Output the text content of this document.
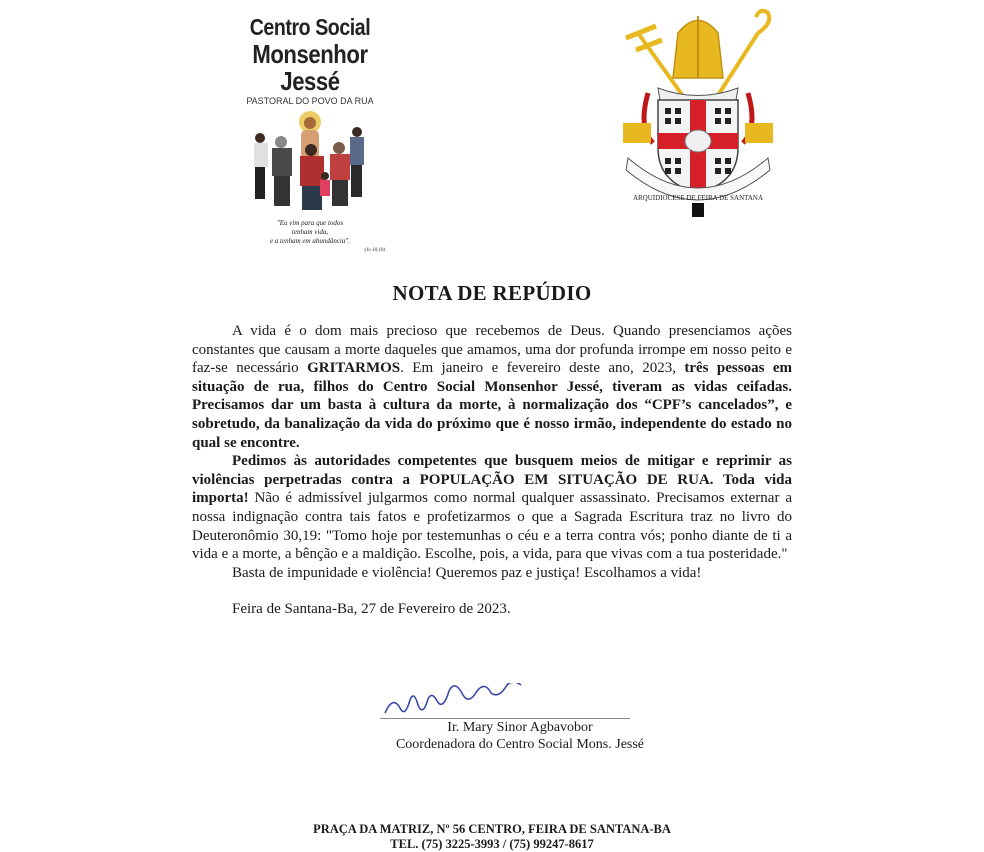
Centro Social
Monsenhor Jessé
PASTORAL DO POVO DA RUA
"Eu vim para que todos
tenham vida,
e a tenham em abundância".
(Jo 10,10)
ARQUIDIOCESE DE FEIRA DE SANTANA
NOTA DE REPÚDIO

A vida é o dom mais precioso que recebemos de Deus. Quando presenciamos ações constantes que causam a morte daqueles que amamos, uma dor profunda irrompe em nosso peito e faz-se necessário GRITARMOS. Em janeiro e fevereiro deste ano, 2023, três pessoas em situação de rua, filhos do Centro Social Monsenhor Jessé, tiveram as vidas ceifadas. Precisamos dar um basta à cultura da morte, à normalização dos “CPF’s cancelados”, e sobretudo, da banalização da vida do próximo que é nosso irmão, independente do estado no qual se encontre.

Pedimos às autoridades competentes que busquem meios de mitigar e reprimir as violências perpetradas contra a POPULAÇÃO EM SITUAÇÃO DE RUA. Toda vida importa! Não é admissível julgarmos como normal qualquer assassinato. Precisamos externar a nossa indignação contra tais fatos e profetizarmos o que a Sagrada Escritura traz no livro do Deuteronômio 30,19: "Tomo hoje por testemunhas o céu e a terra contra vós; ponho diante de ti a vida e a morte, a bênção e a maldição. Escolhe, pois, a vida, para que vivas com a tua posteridade."

Basta de impunidade e violência! Queremos paz e justiça! Escolhamos a vida!

Feira de Santana-Ba, 27 de Fevereiro de 2023.

Ir. Mary Sinor Agbavobor
Coordenadora do Centro Social Mons. Jessé
PRAÇA DA MATRIZ, Nº 56 CENTRO, FEIRA DE SANTANA-BA
TEL. (75) 3225-3993 / (75) 99247-8617
